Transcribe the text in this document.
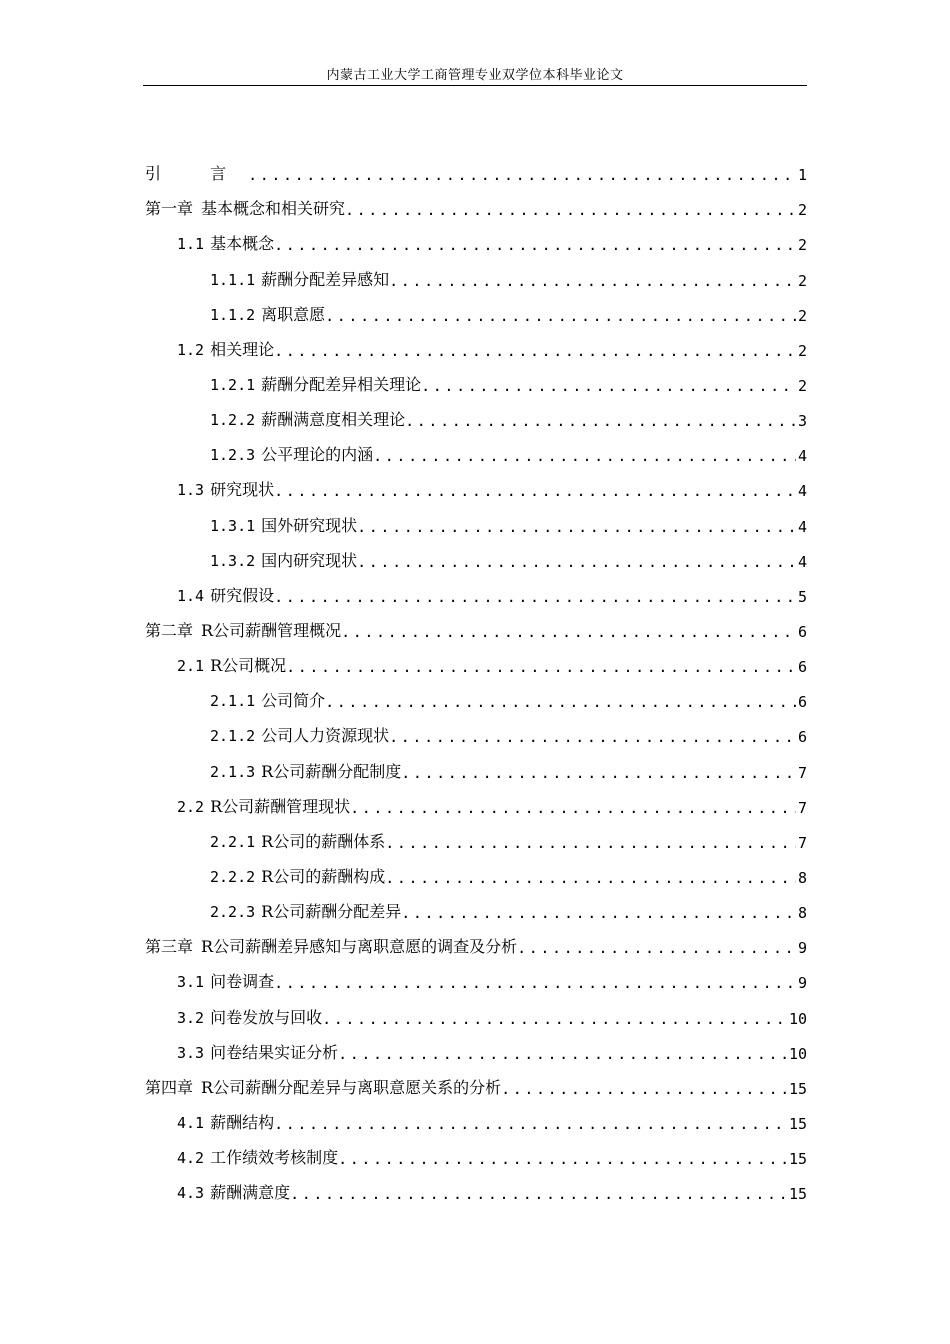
内蒙古工业大学工商管理专业双学位本科毕业论文
引 言 .....	1
第一章 基本概念和相关研究 .....	2
1.1 基本概念 .....	2
1.1.1 薪酬分配差异感知 .....	2
1.1.2 离职意愿 .....	2
1.2 相关理论 .....	2
1.2.1 薪酬分配差异相关理论 .....	2
1.2.2 薪酬满意度相关理论 .....	3
1.2.3 公平理论的内涵 .....	4
1.3 研究现状 .....	4
1.3.1 国外研究现状 .....	4
1.3.2 国内研究现状 .....	4
1.4 研究假设 .....	5
第二章 R公司薪酬管理概况 .....	6
2.1 R公司概况 .....	6
2.1.1 公司简介 .....	6
2.1.2 公司人力资源现状 .....	6
2.1.3 R公司薪酬分配制度 .....	7
2.2 R公司薪酬管理现状 .....	7
2.2.1 R公司的薪酬体系 .....	7
2.2.2 R公司的薪酬构成 .....	8
2.2.3 R公司薪酬分配差异 .....	8
第三章 R公司薪酬差异感知与离职意愿的调查及分析 .....	9
3.1 问卷调查 .....	9
3.2 问卷发放与回收 .....	10
3.3 问卷结果实证分析 .....	10
第四章 R公司薪酬分配差异与离职意愿关系的分析 .....	15
4.1 薪酬结构 .....	15
4.2 工作绩效考核制度 .....	15
4.3 薪酬满意度 .....	15
